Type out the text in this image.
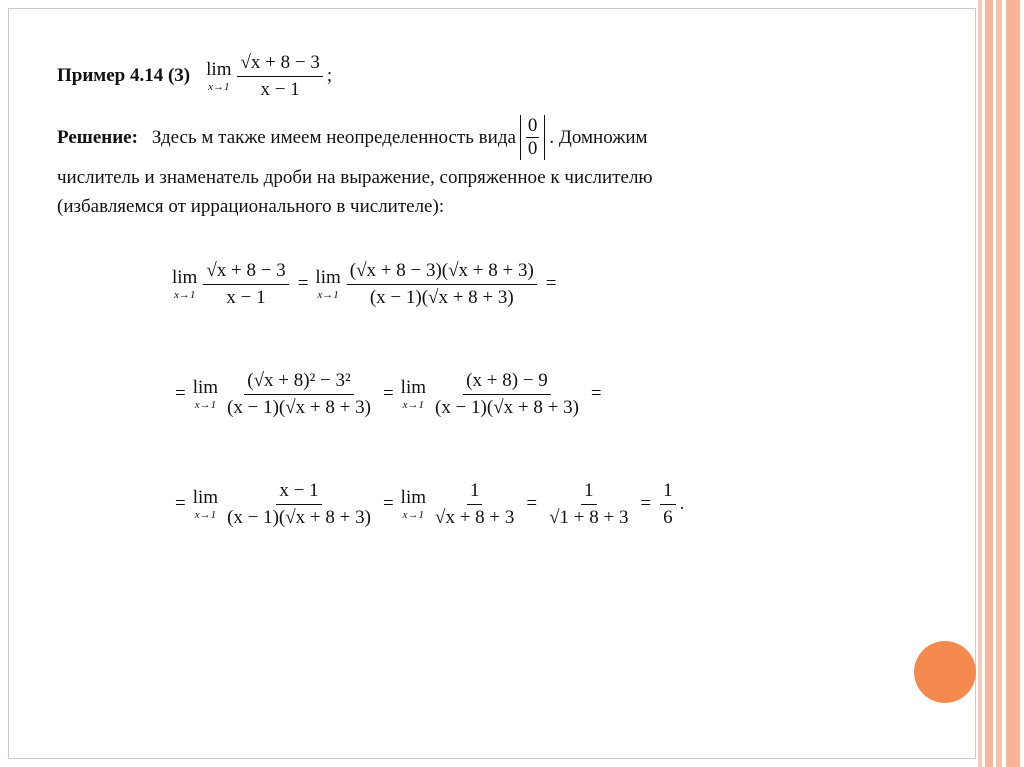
Пример 4.14 (3) lim
$x\to 1 \frac{√x + 8 - 3}{x - 1}$ ;
Решение: Здесь м также имеем неопределенность вида
0
0
. Домножим
числитель и знаменатель дроби на выражение, сопряженное к числителю
(избавляемся от иррационального в числителе):
lim
$x\to 1 \frac{√x + 8 - 3}{x - 1} = \lim$
$x\to 1 \frac{(√x + 8 - 3)(√x + 8 + 3)}{(x - 1)(√x + 8 + 3)}$ =
= lim
$x\to 1 \frac{\text{(√x + 8)² − 3²}}{(x - 1)(√x + 8 + 3)} = \lim$
$x\to 1 \frac{(x + 8) - 9}{(x - 1)(√x + 8 + 3)}$ =
= lim
$x\to 1 \frac{x - 1}{(x - 1)(√x + 8 + 3)} = \lim$
$x\to 1 \frac{1}{√x + 8 + 3} = \frac{1}{√1 + 8 + 3} = \frac{1}{6}$ .
